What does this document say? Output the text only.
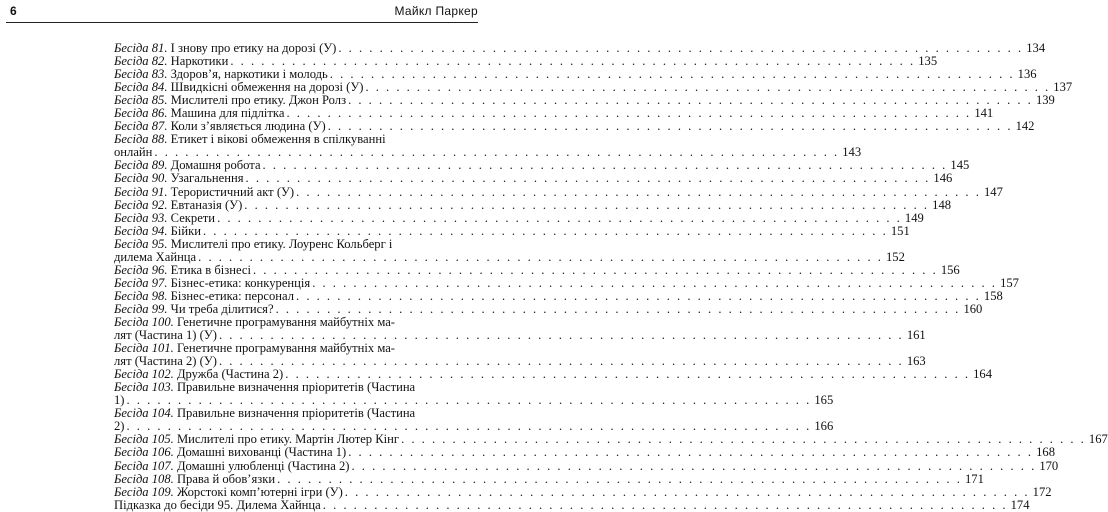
6	Майкл Паркер
Бесіда 81. І знову про етику на дорозі (У) . . . . . . . . . . . . . . . . . . . . . . . . . . . . . . . . . . . . . . . . . . . . . . . . . . . . . . . . . . . . . . . . . . . 134
Бесіда 82. Наркотики . . . . . . . . . . . . . . . . . . . . . . . . . . . . . . . . . . . . . . . . . . . . . . . . . . . . . . . . . . . . . . . . . . . 135
Бесіда 83. Здоров’я, наркотики і молодь . . . . . . . . . . . . . . . . . . . . . . . . . . . . . . . . . . . . . . . . . . . . . . . . . . . . . . . . . . . . . . . . . . . 136
Бесіда 84. Швидкісні обмеження на дорозі (У) . . . . . . . . . . . . . . . . . . . . . . . . . . . . . . . . . . . . . . . . . . . . . . . . . . . . . . . . . . . . . . . . . . . 137
Бесіда 85. Мислителі про етику. Джон Ролз . . . . . . . . . . . . . . . . . . . . . . . . . . . . . . . . . . . . . . . . . . . . . . . . . . . . . . . . . . . . . . . . . . . 139
Бесіда 86. Машина для підлітка . . . . . . . . . . . . . . . . . . . . . . . . . . . . . . . . . . . . . . . . . . . . . . . . . . . . . . . . . . . . . . . . . . . 141
Бесіда 87. Коли з’являється людина (У) . . . . . . . . . . . . . . . . . . . . . . . . . . . . . . . . . . . . . . . . . . . . . . . . . . . . . . . . . . . . . . . . . . . 142
Бесіда 88. Етикет і вікові обмеження в спілкуванні
онлайн . . . . . . . . . . . . . . . . . . . . . . . . . . . . . . . . . . . . . . . . . . . . . . . . . . . . . . . . . . . . . . . . . . . 143
Бесіда 89. Домашня робота . . . . . . . . . . . . . . . . . . . . . . . . . . . . . . . . . . . . . . . . . . . . . . . . . . . . . . . . . . . . . . . . . . . 145
Бесіда 90. Узагальнення . . . . . . . . . . . . . . . . . . . . . . . . . . . . . . . . . . . . . . . . . . . . . . . . . . . . . . . . . . . . . . . . . . . 146
Бесіда 91. Терористичний акт (У) . . . . . . . . . . . . . . . . . . . . . . . . . . . . . . . . . . . . . . . . . . . . . . . . . . . . . . . . . . . . . . . . . . . 147
Бесіда 92. Евтаназія (У) . . . . . . . . . . . . . . . . . . . . . . . . . . . . . . . . . . . . . . . . . . . . . . . . . . . . . . . . . . . . . . . . . . . 148
Бесіда 93. Секрети . . . . . . . . . . . . . . . . . . . . . . . . . . . . . . . . . . . . . . . . . . . . . . . . . . . . . . . . . . . . . . . . . . . 149
Бесіда 94. Бійки . . . . . . . . . . . . . . . . . . . . . . . . . . . . . . . . . . . . . . . . . . . . . . . . . . . . . . . . . . . . . . . . . . . 151
Бесіда 95. Мислителі про етику. Лоуренс Кольберг і
дилема Хайнца . . . . . . . . . . . . . . . . . . . . . . . . . . . . . . . . . . . . . . . . . . . . . . . . . . . . . . . . . . . . . . . . . . . 152
Бесіда 96. Етика в бізнесі . . . . . . . . . . . . . . . . . . . . . . . . . . . . . . . . . . . . . . . . . . . . . . . . . . . . . . . . . . . . . . . . . . . 156
Бесіда 97. Бізнес-етика: конкуренція . . . . . . . . . . . . . . . . . . . . . . . . . . . . . . . . . . . . . . . . . . . . . . . . . . . . . . . . . . . . . . . . . . . 157
Бесіда 98. Бізнес-етика: персонал . . . . . . . . . . . . . . . . . . . . . . . . . . . . . . . . . . . . . . . . . . . . . . . . . . . . . . . . . . . . . . . . . . . 158
Бесіда 99. Чи треба ділитися? . . . . . . . . . . . . . . . . . . . . . . . . . . . . . . . . . . . . . . . . . . . . . . . . . . . . . . . . . . . . . . . . . . . 160
Бесіда 100. Генетичне програмування майбутніх ма-
лят (Частина 1) (У) . . . . . . . . . . . . . . . . . . . . . . . . . . . . . . . . . . . . . . . . . . . . . . . . . . . . . . . . . . . . . . . . . . . 161
Бесіда 101. Генетичне програмування майбутніх ма-
лят (Частина 2) (У) . . . . . . . . . . . . . . . . . . . . . . . . . . . . . . . . . . . . . . . . . . . . . . . . . . . . . . . . . . . . . . . . . . . 163
Бесіда 102. Дружба (Частина 2) . . . . . . . . . . . . . . . . . . . . . . . . . . . . . . . . . . . . . . . . . . . . . . . . . . . . . . . . . . . . . . . . . . . 164
Бесіда 103. Правильне визначення пріоритетів (Частина
1) . . . . . . . . . . . . . . . . . . . . . . . . . . . . . . . . . . . . . . . . . . . . . . . . . . . . . . . . . . . . . . . . . . . 165
Бесіда 104. Правильне визначення пріоритетів (Частина
2) . . . . . . . . . . . . . . . . . . . . . . . . . . . . . . . . . . . . . . . . . . . . . . . . . . . . . . . . . . . . . . . . . . . 166
Бесіда 105. Мислителі про етику. Мартін Лютер Кінг . . . . . . . . . . . . . . . . . . . . . . . . . . . . . . . . . . . . . . . . . . . . . . . . . . . . . . . . . . . . . . . . . . . 167
Бесіда 106. Домашні вихованці (Частина 1) . . . . . . . . . . . . . . . . . . . . . . . . . . . . . . . . . . . . . . . . . . . . . . . . . . . . . . . . . . . . . . . . . . . 168
Бесіда 107. Домашні улюбленці (Частина 2) . . . . . . . . . . . . . . . . . . . . . . . . . . . . . . . . . . . . . . . . . . . . . . . . . . . . . . . . . . . . . . . . . . . 170
Бесіда 108. Права й обов’язки . . . . . . . . . . . . . . . . . . . . . . . . . . . . . . . . . . . . . . . . . . . . . . . . . . . . . . . . . . . . . . . . . . . 171
Бесіда 109. Жорстокі комп’ютерні ігри (У) . . . . . . . . . . . . . . . . . . . . . . . . . . . . . . . . . . . . . . . . . . . . . . . . . . . . . . . . . . . . . . . . . . . 172
Підказка до бесіди 95. Дилема Хайнца . . . . . . . . . . . . . . . . . . . . . . . . . . . . . . . . . . . . . . . . . . . . . . . . . . . . . . . . . . . . . . . . . . . 174
